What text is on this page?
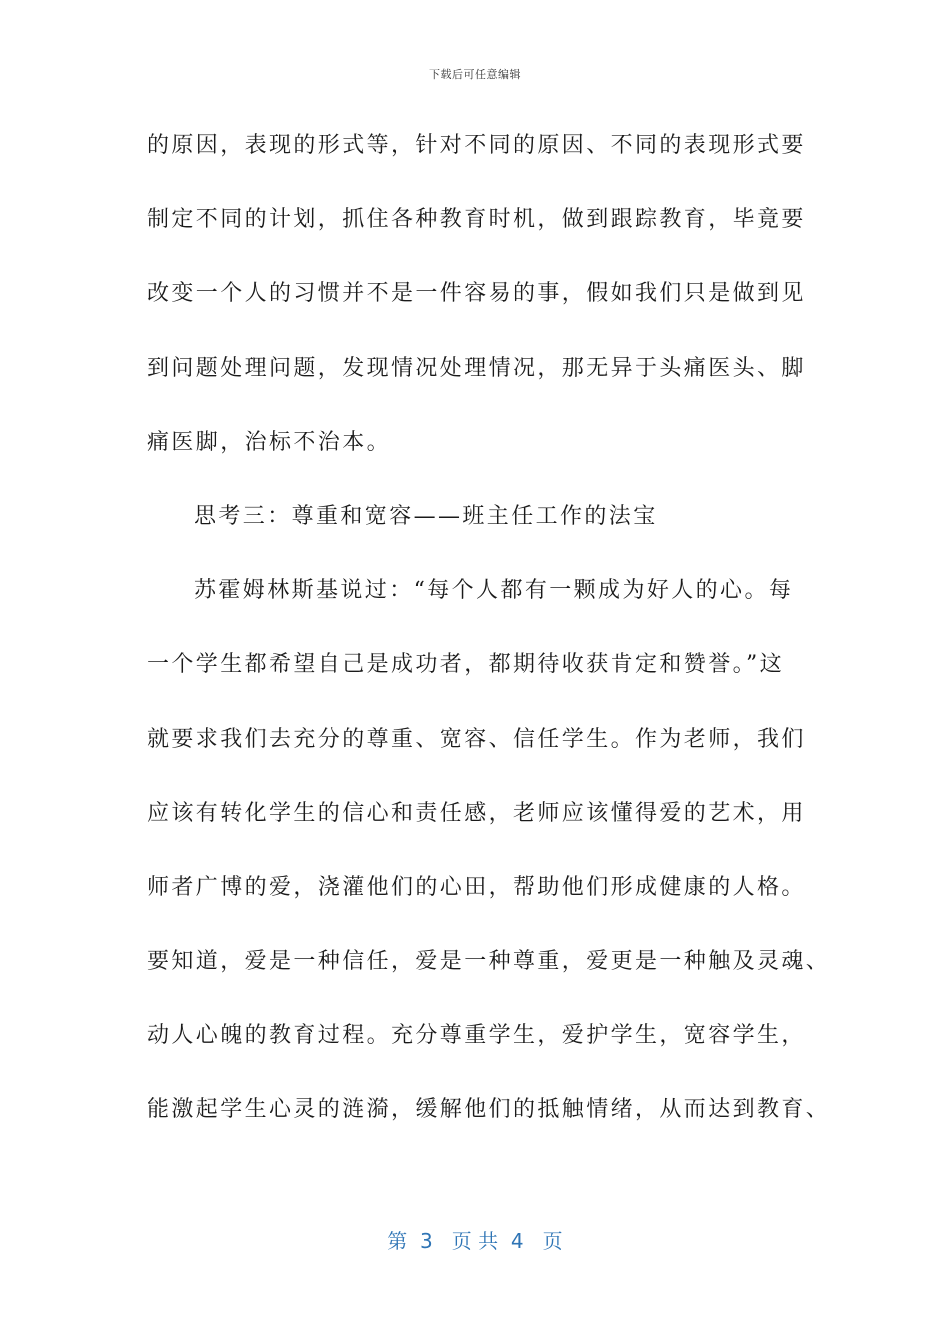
下载后可任意编辑
的原因，表现的形式等，针对不同的原因、不同的表现形式要
制定不同的计划，抓住各种教育时机，做到跟踪教育，毕竟要
改变一个人的习惯并不是一件容易的事，假如我们只是做到见
到问题处理问题，发现情况处理情况，那无异于头痛医头、脚
痛医脚，治标不治本。
思考三：尊重和宽容——班主任工作的法宝
苏霍姆林斯基说过：“每个人都有一颗成为好人的心。每
一个学生都希望自己是成功者，都期待收获肯定和赞誉。”这
就要求我们去充分的尊重、宽容、信任学生。作为老师，我们
应该有转化学生的信心和责任感，老师应该懂得爱的艺术，用
师者广博的爱，浇灌他们的心田，帮助他们形成健康的人格。
要知道，爱是一种信任，爱是一种尊重，爱更是一种触及灵魂、
动人心魄的教育过程。充分尊重学生，爱护学生，宽容学生，
能激起学生心灵的涟漪，缓解他们的抵触情绪，从而达到教育、
第  3   页 共  4   页
